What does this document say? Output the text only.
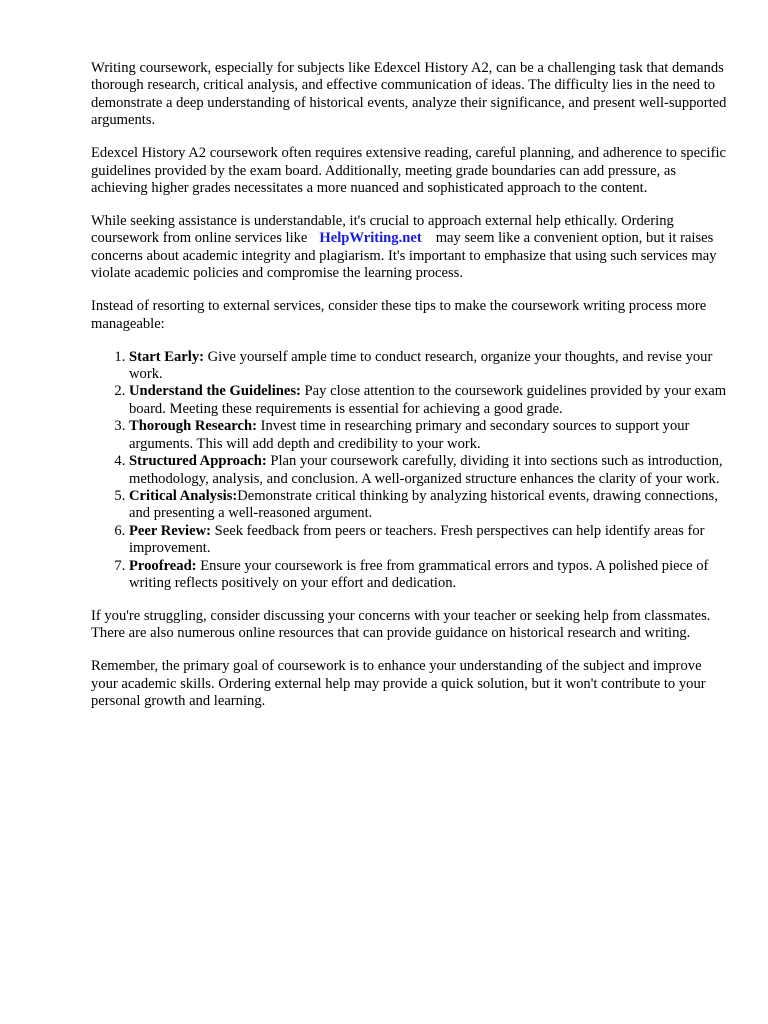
Writing coursework, especially for subjects like Edexcel History A2, can be a challenging task that demands thorough research, critical analysis, and effective communication of ideas. The difficulty lies in the need to demonstrate a deep understanding of historical events, analyze their significance, and present well-supported arguments.

Edexcel History A2 coursework often requires extensive reading, careful planning, and adherence to specific guidelines provided by the exam board. Additionally, meeting grade boundaries can add pressure, as achieving higher grades necessitates a more nuanced and sophisticated approach to the content.

While seeking assistance is understandable, it's crucial to approach external help ethically. Ordering coursework from online services like HelpWriting.net may seem like a convenient option, but it raises concerns about academic integrity and plagiarism. It's important to emphasize that using such services may violate academic policies and compromise the learning process.

Instead of resorting to external services, consider these tips to make the coursework writing process more manageable:

1. Start Early: Give yourself ample time to conduct research, organize your thoughts, and revise your work.
2. Understand the Guidelines: Pay close attention to the coursework guidelines provided by your exam board. Meeting these requirements is essential for achieving a good grade.
3. Thorough Research: Invest time in researching primary and secondary sources to support your arguments. This will add depth and credibility to your work.
4. Structured Approach: Plan your coursework carefully, dividing it into sections such as introduction, methodology, analysis, and conclusion. A well-organized structure enhances the clarity of your work.
5. Critical Analysis:Demonstrate critical thinking by analyzing historical events, drawing connections, and presenting a well-reasoned argument.
6. Peer Review: Seek feedback from peers or teachers. Fresh perspectives can help identify areas for improvement.
7. Proofread: Ensure your coursework is free from grammatical errors and typos. A polished piece of writing reflects positively on your effort and dedication.

If you're struggling, consider discussing your concerns with your teacher or seeking help from classmates. There are also numerous online resources that can provide guidance on historical research and writing.

Remember, the primary goal of coursework is to enhance your understanding of the subject and improve your academic skills. Ordering external help may provide a quick solution, but it won't contribute to your personal growth and learning.
